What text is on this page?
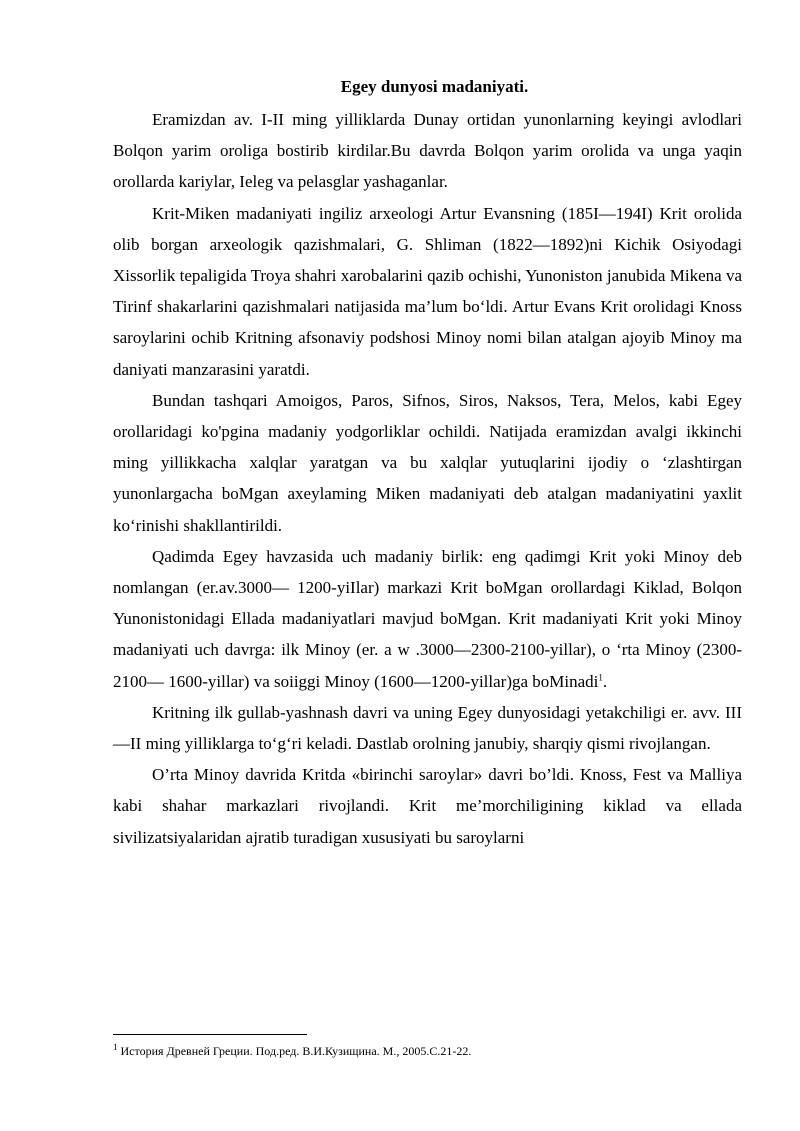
Egey dunyosi madaniyati.

Eramizdan av. I-II ming yilliklarda Dunay ortidan yunonlarning keyingi avlodlari Bolqon yarim oroliga bostirib kirdilar.Bu davrda Bolqon yarim orolida va unga yaqin orollarda kariylar, Ieleg va pelasglar yashaganlar.

Krit-Miken madaniyati ingiliz arxeologi Artur Evansning (185I—194I) Krit orolida olib borgan arxeologik qazishmalari, G. Shliman (1822—1892)ni Kichik Osiyodagi Xissorlik tepaligida Troya shahri xarobalarini qazib ochishi, Yunoniston janubida Mikena va Tirinf shakarlarini qazishmalari natijasida ma’lum bo‘ldi. Artur Evans Krit orolidagi Knoss saroylarini ochib Kritning afsonaviy podshosi Minoy nomi bilan atalgan ajoyib Minoy ma daniyati manzarasini yaratdi.

Bundan tashqari Amoigos, Paros, Sifnos, Siros, Naksos, Tera, Melos, kabi Egey orollaridagi ko'pgina madaniy yodgorliklar ochildi. Natijada eramizdan avalgi ikkinchi ming yillikkacha xalqlar yaratgan va bu xalqlar yutuqlarini ijodiy o ‘zlashtirgan yunonlargacha boMgan axeylaming Miken madaniyati deb atalgan madaniyatini yaxlit ko‘rinishi shakllantirildi.

Qadimda Egey havzasida uch madaniy birlik: eng qadimgi Krit yoki Minoy deb nomlangan (er.av.3000— 1200-yiIlar) markazi Krit boMgan orollardagi Kiklad, Bolqon Yunonistonidagi Ellada madaniyatlari mavjud boMgan. Krit madaniyati Krit yoki Minoy madaniyati uch davrga: ilk Minoy (er. a w .3000—2300-2100-yillar), o ‘rta Minoy (2300-2100— 1600-yillar) va soiiggi Minoy (1600—1200-yillar)ga boMinadi$^1$.

Kritning ilk gullab-yashnash davri va uning Egey dunyosidagi yetakchiligi er. avv. III—II ming yilliklarga to‘g‘ri keladi. Dastlab orolning janubiy, sharqiy qismi rivojlangan.

O’rta Minoy davrida Kritda «birinchi saroylar» davri bo’ldi. Knoss, Fest va Malliya kabi shahar markazlari rivojlandi. Krit me’morchiligining kiklad va ellada sivilizatsiyalaridan ajratib turadigan xususiyati bu saroylarni

$^1$ История Древней Греции. Под.ред. В.И.Кузищина. М., 2005.С.21-22.
